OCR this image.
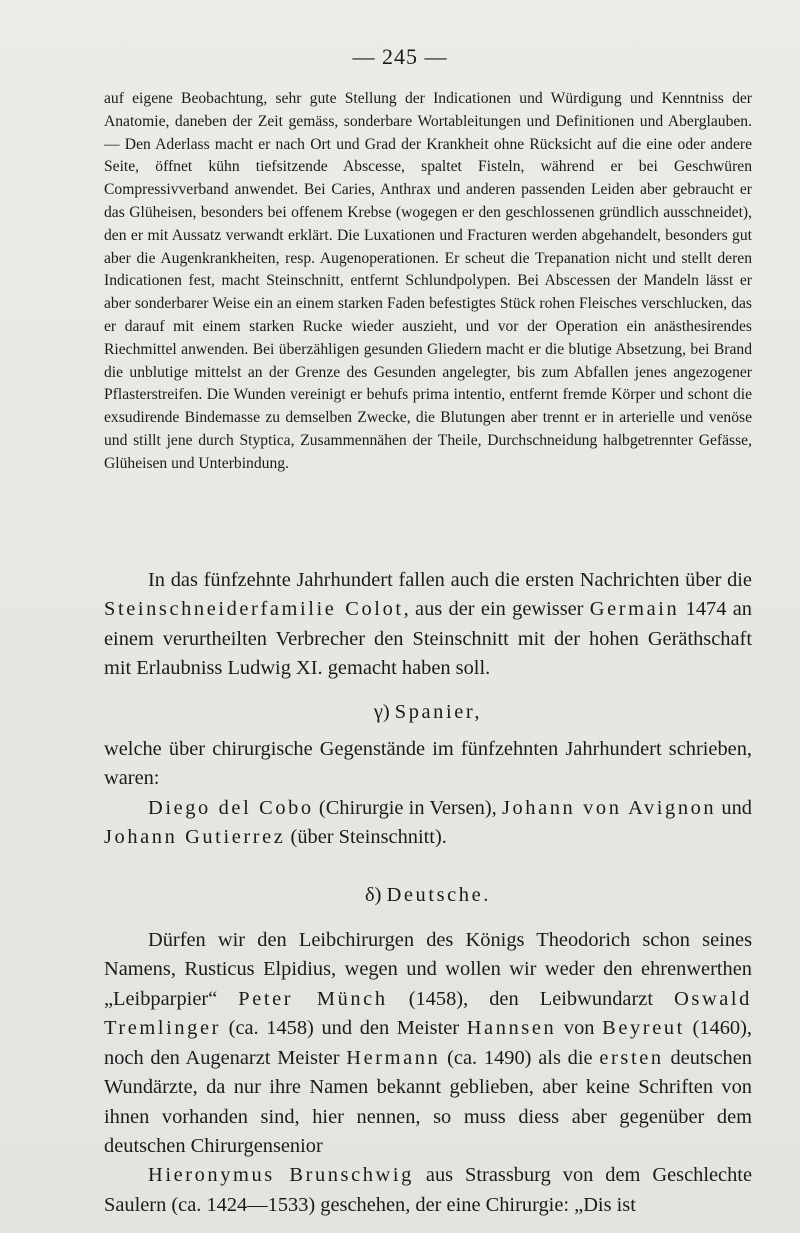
— 245 —

auf eigene Beobachtung, sehr gute Stellung der Indicationen und Würdigung und Kenntniss der Anatomie, daneben der Zeit gemäss, sonderbare Wortableitungen und Definitionen und Aberglauben. — Den Aderlass macht er nach Ort und Grad der Krankheit ohne Rücksicht auf die eine oder andere Seite, öffnet kühn tiefsitzende Abscesse, spaltet Fisteln, während er bei Geschwüren Compressivverband anwendet. Bei Caries, Anthrax und anderen passenden Leiden aber gebraucht er das Glüheisen, besonders bei offenem Krebse (wogegen er den geschlossenen gründlich ausschneidet), den er mit Aussatz verwandt erklärt. Die Luxationen und Fracturen werden abgehandelt, besonders gut aber die Augenkrankheiten, resp. Augenoperationen. Er scheut die Trepanation nicht und stellt deren Indicationen fest, macht Steinschnitt, entfernt Schlundpolypen. Bei Abscessen der Mandeln lässt er aber sonderbarer Weise ein an einem starken Faden befestigtes Stück rohen Fleisches verschlucken, das er darauf mit einem starken Rucke wieder auszieht, und vor der Operation ein anästhesirendes Riechmittel anwenden. Bei überzähligen gesunden Gliedern macht er die blutige Absetzung, bei Brand die unblutige mittelst an der Grenze des Gesunden angelegter, bis zum Abfallen jenes angezogener Pflasterstreifen. Die Wunden vereinigt er behufs prima intentio, entfernt fremde Körper und schont die exsudirende Bindemasse zu demselben Zwecke, die Blutungen aber trennt er in arterielle und venöse und stillt jene durch Styptica, Zusammennähen der Theile, Durchschneidung halbgetrennter Gefässe, Glüheisen und Unterbindung.

In das fünfzehnte Jahrhundert fallen auch die ersten Nachrichten über die Steinschneiderfamilie Colot, aus der ein gewisser Germain 1474 an einem verurtheilten Verbrecher den Steinschnitt mit der hohen Geräthschaft mit Erlaubniss Ludwig XI. gemacht haben soll.

γ) Spanier,

welche über chirurgische Gegenstände im fünfzehnten Jahrhundert schrieben, waren:

Diego del Cobo (Chirurgie in Versen), Johann von Avignon und Johann Gutierrez (über Steinschnitt).

δ) Deutsche.

Dürfen wir den Leibchirurgen des Königs Theodorich schon seines Namens, Rusticus Elpidius, wegen und wollen wir weder den ehrenwerthen „Leibparpier“ Peter Münch (1458), den Leibwundarzt Oswald Tremlinger (ca. 1458) und den Meister Hannsen von Beyreut (1460), noch den Augenarzt Meister Hermann (ca. 1490) als die ersten deutschen Wundärzte, da nur ihre Namen bekannt geblieben, aber keine Schriften von ihnen vorhanden sind, hier nennen, so muss diess aber gegenüber dem deutschen Chirurgensenior

Hieronymus Brunschwig aus Strassburg von dem Geschlechte Saulern (ca. 1424—1533) geschehen, der eine Chirurgie: „Dis ist
